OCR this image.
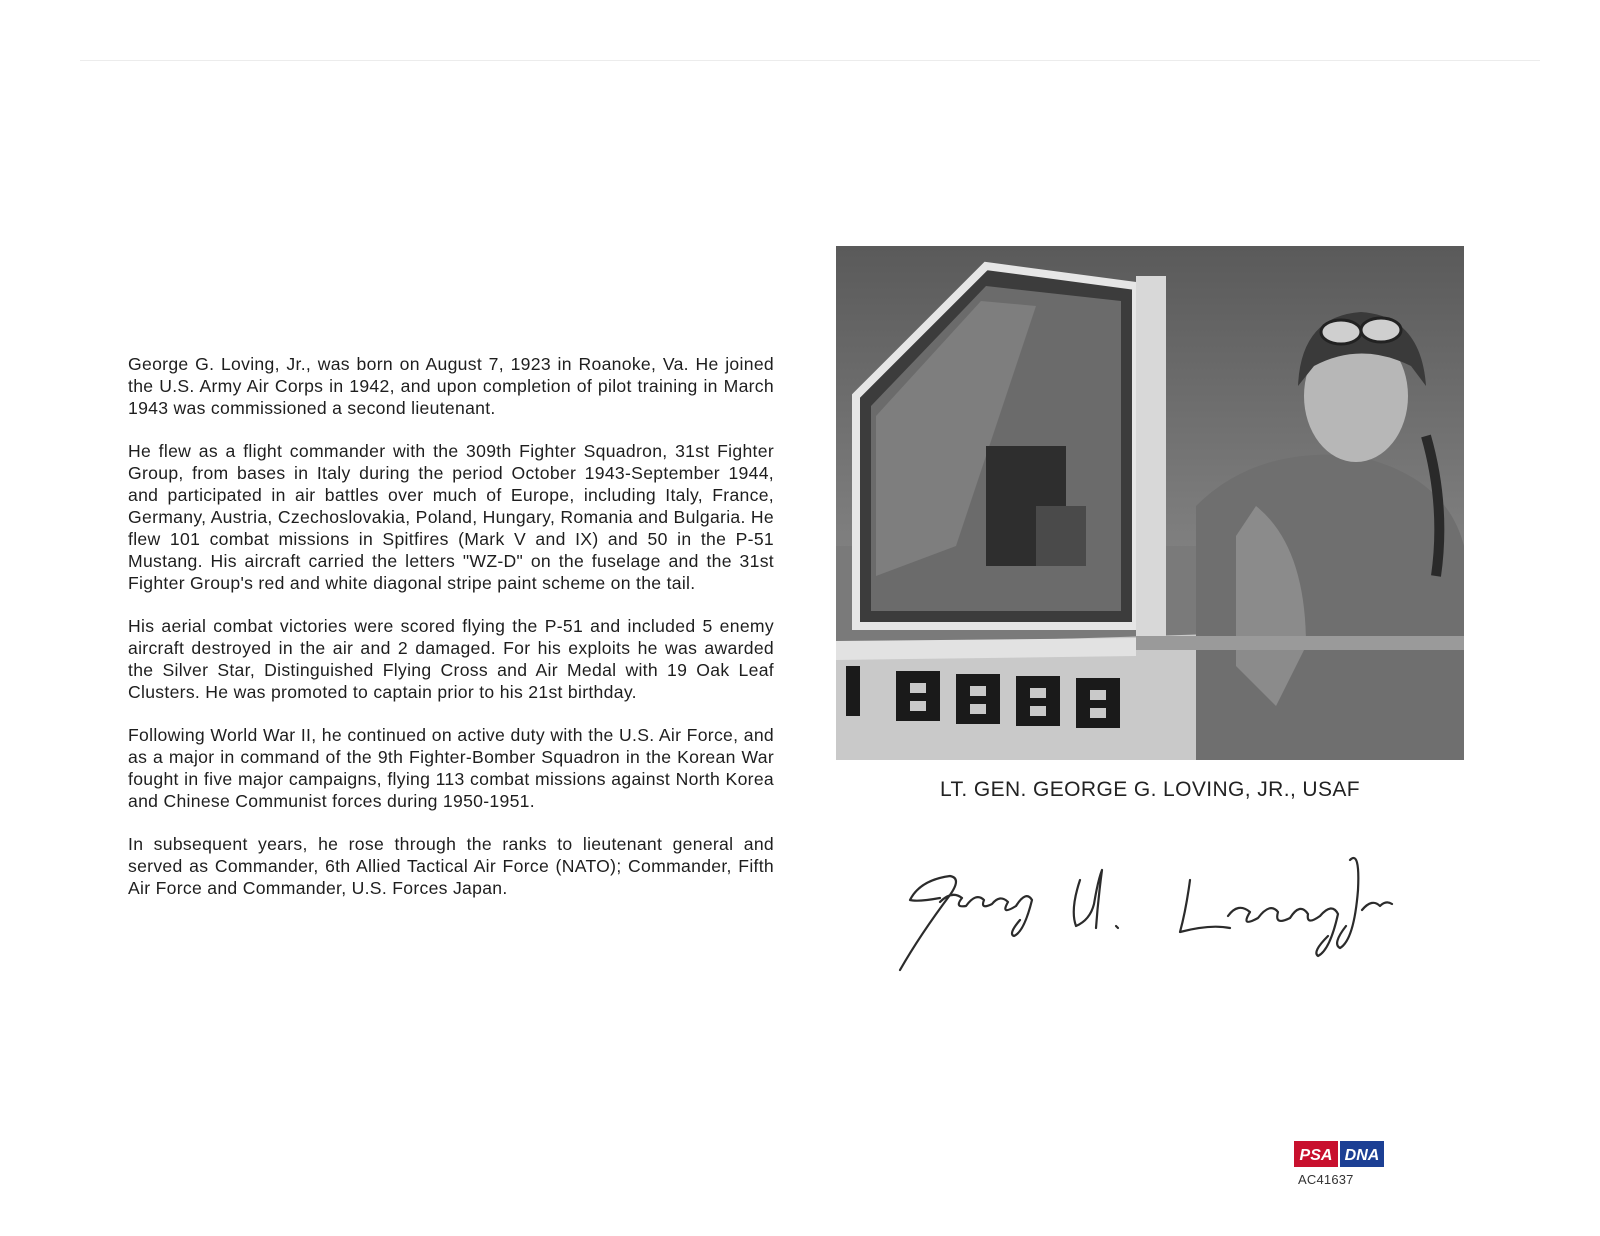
George G. Loving, Jr., was born on August 7, 1923 in Roanoke, Va. He joined the U.S. Army Air Corps in 1942, and upon completion of pilot training in March 1943 was commissioned a second lieutenant.

He flew as a flight commander with the 309th Fighter Squadron, 31st Fighter Group, from bases in Italy during the period October 1943-September 1944, and participated in air battles over much of Europe, including Italy, France, Germany, Austria, Czechoslovakia, Poland, Hungary, Romania and Bulgaria. He flew 101 combat missions in Spitfires (Mark V and IX) and 50 in the P-51 Mustang. His aircraft carried the letters "WZ-D" on the fuselage and the 31st Fighter Group's red and white diagonal stripe paint scheme on the tail.

His aerial combat victories were scored flying the P-51 and included 5 enemy aircraft destroyed in the air and 2 damaged. For his exploits he was awarded the Silver Star, Distinguished Flying Cross and Air Medal with 19 Oak Leaf Clusters. He was promoted to captain prior to his 21st birthday.

Following World War II, he continued on active duty with the U.S. Air Force, and as a major in command of the 9th Fighter-Bomber Squadron in the Korean War fought in five major campaigns, flying 113 combat missions against North Korea and Chinese Communist forces during 1950-1951.

In subsequent years, he rose through the ranks to lieutenant general and served as Commander, 6th Allied Tactical Air Force (NATO); Commander, Fifth Air Force and Commander, U.S. Forces Japan.

LT. GEN. GEORGE G. LOVING, JR., USAF
PSA DNA
AC41637
